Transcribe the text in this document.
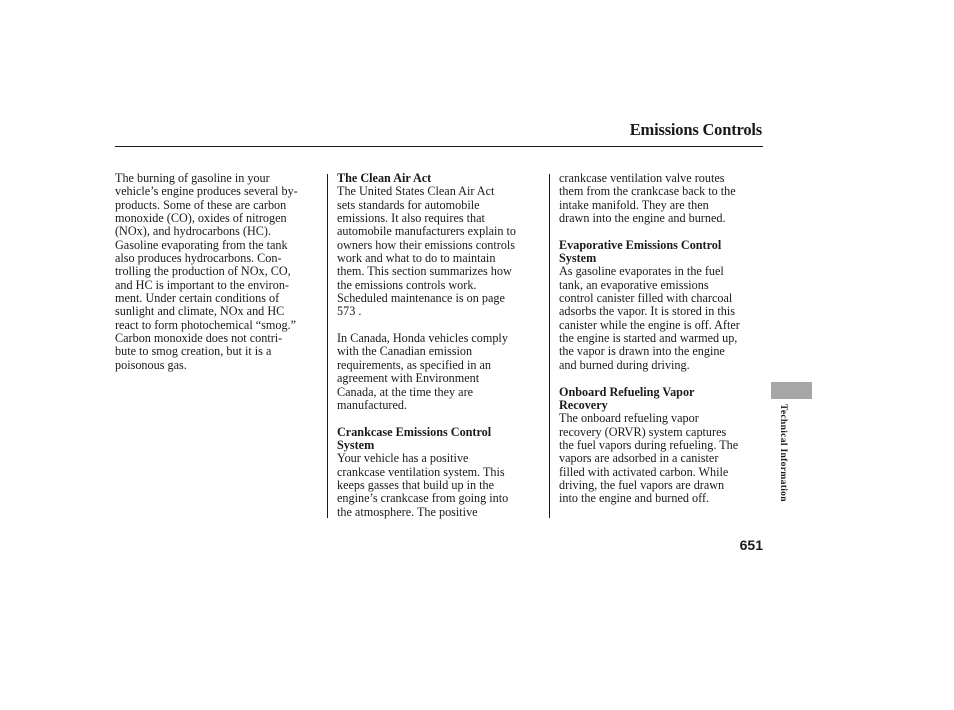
Emissions Controls

The burning of gasoline in your
vehicle’s engine produces several by-
products. Some of these are carbon
monoxide (CO), oxides of nitrogen
(NOx), and hydrocarbons (HC).
Gasoline evaporating from the tank
also produces hydrocarbons. Con-
trolling the production of NOx, CO,
and HC is important to the environ-
ment. Under certain conditions of
sunlight and climate, NOx and HC
react to form photochemical “smog.”
Carbon monoxide does not contri-
bute to smog creation, but it is a
poisonous gas.

The Clean Air Act

The United States Clean Air Act
sets standards for automobile
emissions. It also requires that
automobile manufacturers explain to
owners how their emissions controls
work and what to do to maintain
them. This section summarizes how
the emissions controls work.
Scheduled maintenance is on page
573 .

In Canada, Honda vehicles comply
with the Canadian emission
requirements, as specified in an
agreement with Environment
Canada, at the time they are
manufactured.

Crankcase Emissions Control
System

Your vehicle has a positive
crankcase ventilation system. This
keeps gasses that build up in the
engine’s crankcase from going into
the atmosphere. The positive

crankcase ventilation valve routes
them from the crankcase back to the
intake manifold. They are then
drawn into the engine and burned.

Evaporative Emissions Control
System

As gasoline evaporates in the fuel
tank, an evaporative emissions
control canister filled with charcoal
adsorbs the vapor. It is stored in this
canister while the engine is off. After
the engine is started and warmed up,
the vapor is drawn into the engine
and burned during driving.

Onboard Refueling Vapor
Recovery

The onboard refueling vapor
recovery (ORVR) system captures
the fuel vapors during refueling. The
vapors are adsorbed in a canister
filled with activated carbon. While
driving, the fuel vapors are drawn
into the engine and burned off.	Technical Information
651
